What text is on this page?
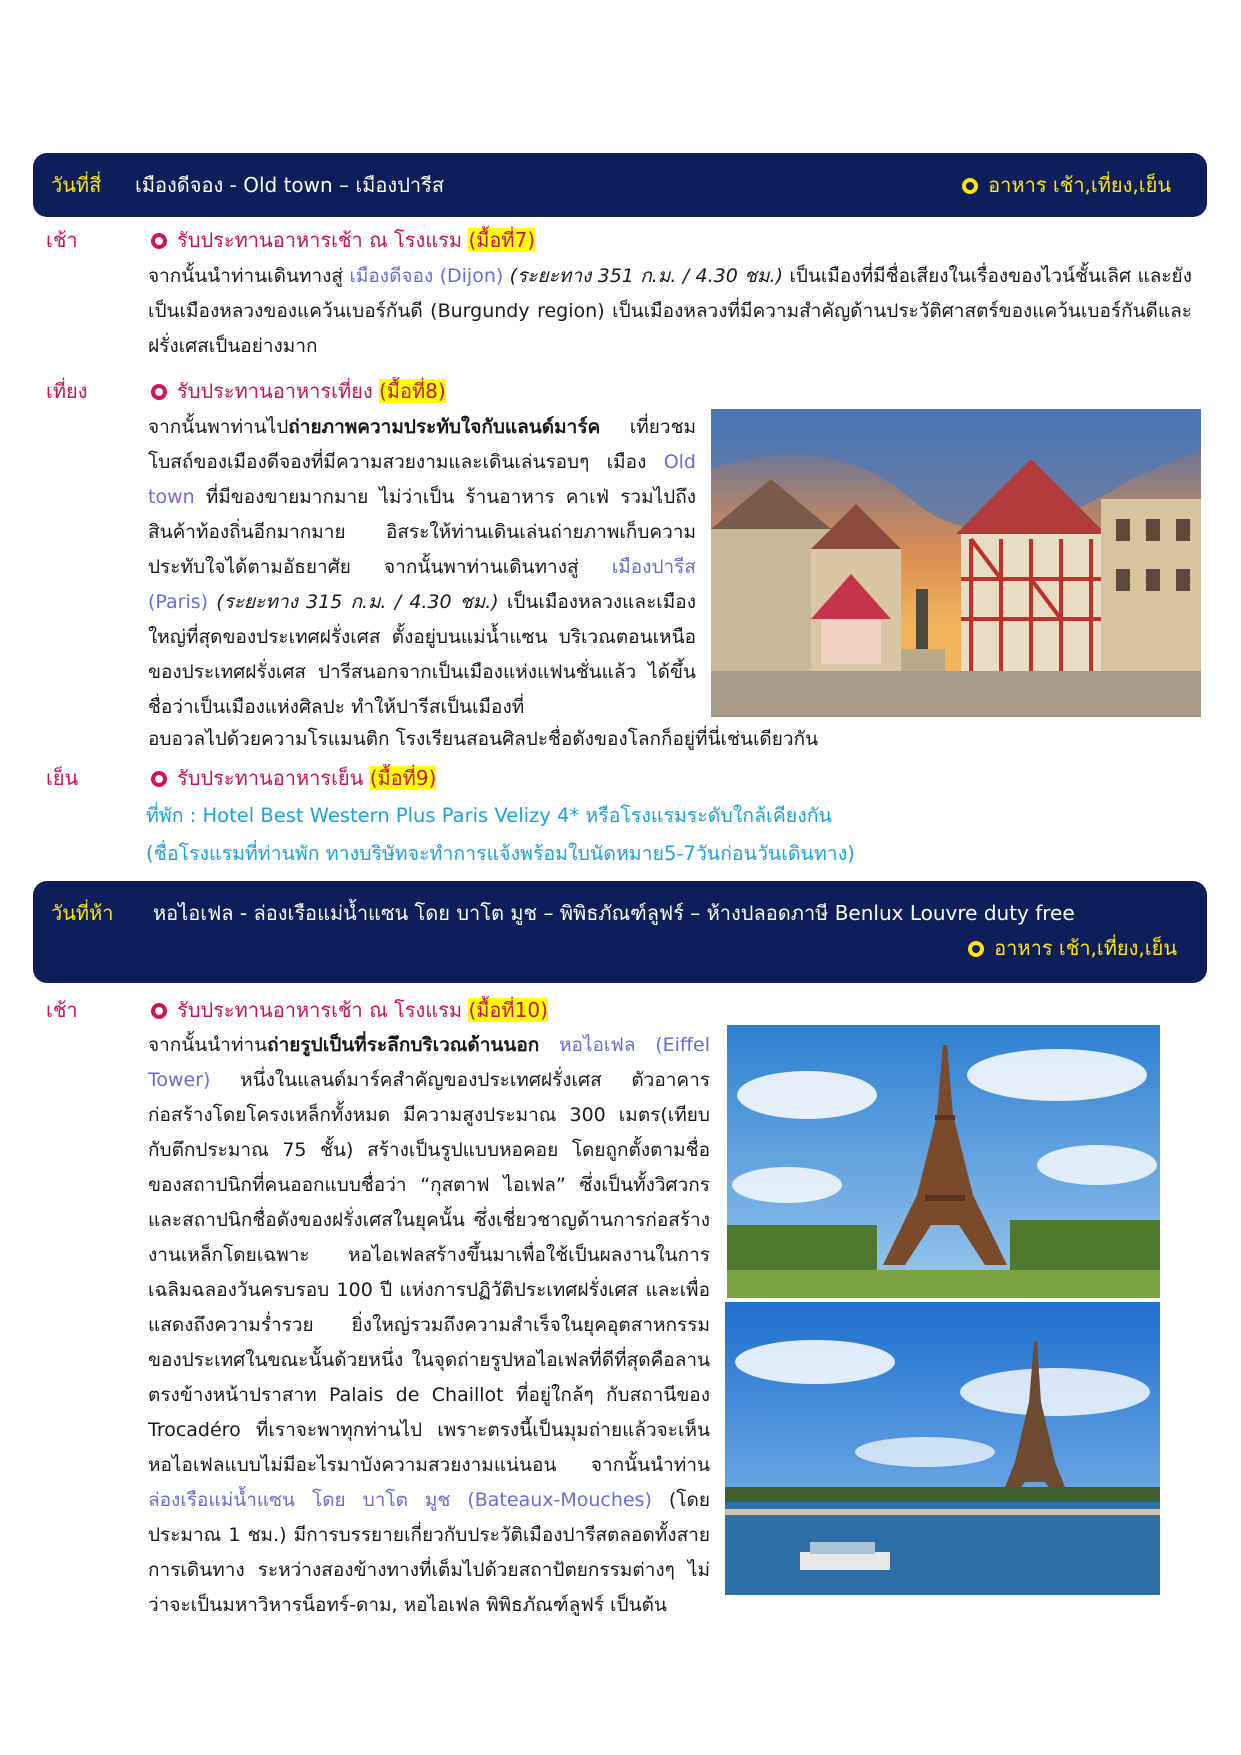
วันที่สี่ เมืองดีจอง - Old town – เมืองปารีส	อาหาร เช้า,เที่ยง,เย็น
เช้า	รับประทานอาหารเช้า ณ โรงแรม (มื้อที่7)
จากนั้นนำท่านเดินทางสู่ เมืองดีจอง (Dijon) (ระยะทาง 351 ก.ม. / 4.30 ชม.) เป็นเมืองที่มีชื่อเสียงในเรื่องของไวน์ชั้นเลิศ และยังเป็นเมืองหลวงของแคว้นเบอร์กันดี (Burgundy region) เป็นเมืองหลวงที่มีความสำคัญด้านประวัติศาสตร์ของแคว้นเบอร์กันดีและฝรั่งเศสเป็นอย่างมาก
เที่ยง	รับประทานอาหารเที่ยง (มื้อที่8)
จากนั้นพาท่านไปถ่ายภาพความประทับใจกับแลนด์มาร์ค เที่ยวชมโบสถ์ของเมืองดีจองที่มีความสวยงามและเดินเล่นรอบๆ เมือง Old town ที่มีของขายมากมาย ไม่ว่าเป็น ร้านอาหาร คาเฟ่ รวมไปถึงสินค้าท้องถิ่นอีกมากมาย อิสระให้ท่านเดินเล่นถ่ายภาพเก็บความประทับใจได้ตามอัธยาศัย จากนั้นพาท่านเดินทางสู่ เมืองปารีส (Paris) (ระยะทาง 315 ก.ม. / 4.30 ชม.) เป็นเมืองหลวงและเมืองใหญ่ที่สุดของประเทศฝรั่งเศส ตั้งอยู่บนแม่น้ำแซน บริเวณตอนเหนือของประเทศฝรั่งเศส ปารีสนอกจากเป็นเมืองแห่งแฟนชั่นแล้ว ได้ขึ้นชื่อว่าเป็นเมืองแห่งศิลปะ ทำให้ปารีสเป็นเมืองที่
อบอวลไปด้วยความโรแมนติก โรงเรียนสอนศิลปะชื่อดังของโลกก็อยู่ที่นี่เช่นเดียวกัน
เย็น	รับประทานอาหารเย็น (มื้อที่9)
ที่พัก : Hotel Best Western Plus Paris Velizy 4* หรือโรงแรมระดับใกล้เคียงกัน
(ชื่อโรงแรมที่ท่านพัก ทางบริษัทจะทำการแจ้งพร้อมใบนัดหมาย5-7วันก่อนวันเดินทาง)
วันที่ห้า หอไอเฟล - ล่องเรือแม่น้ำแซน โดย บาโต มูช – พิพิธภัณฑ์ลูฟร์ – ห้างปลอดภาษี Benlux Louvre duty free
อาหาร เช้า,เที่ยง,เย็น
เช้า	รับประทานอาหารเช้า ณ โรงแรม (มื้อที่10)
จากนั้นนำท่านถ่ายรูปเป็นที่ระลึกบริเวณด้านนอก หอไอเฟล (Eiffel Tower) หนึ่งในแลนด์มาร์คสำคัญของประเทศฝรั่งเศส ตัวอาคารก่อสร้างโดยโครงเหล็กทั้งหมด มีความสูงประมาณ 300 เมตร(เทียบกับตึกประมาณ 75 ชั้น) สร้างเป็นรูปแบบหอคอย โดยถูกตั้งตามชื่อของสถาปนิกที่คนออกแบบชื่อว่า “กุสตาฟ ไอเฟล” ซึ่งเป็นทั้งวิศวกรและสถาปนิกชื่อดังของฝรั่งเศสในยุคนั้น ซึ่งเชี่ยวชาญด้านการก่อสร้างงานเหล็กโดยเฉพาะ หอไอเฟลสร้างขึ้นมาเพื่อใช้เป็นผลงานในการเฉลิมฉลองวันครบรอบ 100 ปี แห่งการปฏิวัติประเทศฝรั่งเศส และเพื่อแสดงถึงความร่ำรวย ยิ่งใหญ่รวมถึงความสำเร็จในยุคอุตสาหกรรมของประเทศในขณะนั้นด้วยหนึ่ง ในจุดถ่ายรูปหอไอเฟลที่ดีที่สุดคือลานตรงข้างหน้าปราสาท Palais de Chaillot ที่อยู่ใกล้ๆ กับสถานีของ Trocadéro ที่เราจะพาทุกท่านไป เพราะตรงนี้เป็นมุมถ่ายแล้วจะเห็นหอไอเฟลแบบไม่มีอะไรมาบังความสวยงามแน่นอน จากนั้นนำท่าน ล่องเรือแม่น้ำแซน โดย บาโต มูช (Bateaux-Mouches) (โดยประมาณ 1 ชม.) มีการบรรยายเกี่ยวกับประวัติเมืองปารีสตลอดทั้งสายการเดินทาง ระหว่างสองข้างทางที่เต็มไปด้วยสถาปัตยกรรมต่างๆ ไม่ว่าจะเป็นมหาวิหารน็อทร์-ดาม, หอไอเฟล พิพิธภัณฑ์ลูฟร์ เป็นต้น
